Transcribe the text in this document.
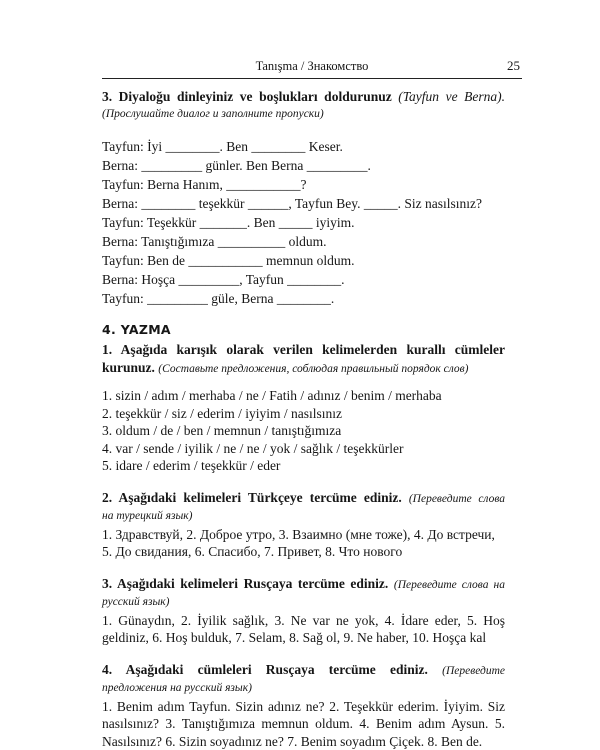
Tanışma / Знакомство	25

3. Diyaloğu dinleyiniz ve boşlukları doldurunuz (Tayfun ve Berna).

(Прослушайте диалог и заполните пропуски)

Tayfun: İyi ________. Ben ________ Keser.

Berna: _________ günler. Ben Berna _________.

Tayfun: Berna Hanım, ___________?

Berna: ________ teşekkür ______, Tayfun Bey. _____. Siz nasılsınız?

Tayfun: Teşekkür _______. Ben _____ iyiyim.

Berna: Tanıştığımıza __________ oldum.

Tayfun: Ben de ___________ memnun oldum.

Berna: Hoşça _________, Tayfun ________.

Tayfun: _________ güle, Berna ________.

4. YAZMA

1. Aşağıda karışık olarak verilen kelimelerden kurallı cümleler

kurunuz. (Составьте предложения, соблюдая правильный порядок слов)

1. sizin / adım / merhaba / ne / Fatih / adınız / benim / merhaba

2. teşekkür / siz / ederim / iyiyim / nasılsınız

3. oldum / de / ben / memnun / tanıştığımıza

4. var / sende / iyilik / ne / ne / yok / sağlık / teşekkürler

5. idare / ederim / teşekkür / eder

2. Aşağıdaki kelimeleri Türkçeye tercüme ediniz. (Переведите слова

на турецкий язык)

1. Здравствуй, 2. Доброе утро, 3. Взаимно (мне тоже), 4. До встречи,

5. До свидания, 6. Спасибо, 7. Привет, 8. Что нового

3. Aşağıdaki kelimeleri Rusçaya tercüme ediniz. (Переведите слова на

русский язык)

1. Günaydın, 2. İyilik sağlık, 3. Ne var ne yok, 4. İdare eder, 5. Hoş

geldiniz, 6. Hoş bulduk, 7. Selam, 8. Sağ ol, 9. Ne haber, 10. Hoşça kal

4. Aşağıdaki cümleleri Rusçaya tercüme ediniz. (Переведите

предложения на русский язык)

1. Benim adım Tayfun. Sizin adınız ne? 2. Teşekkür ederim. İyiyim. Siz

nasılsınız? 3. Tanıştığımıza memnun oldum. 4. Benim adım Aysun. 5.

Nasılsınız? 6. Sizin soyadınız ne? 7. Benim soyadım Çiçek. 8. Ben de.
